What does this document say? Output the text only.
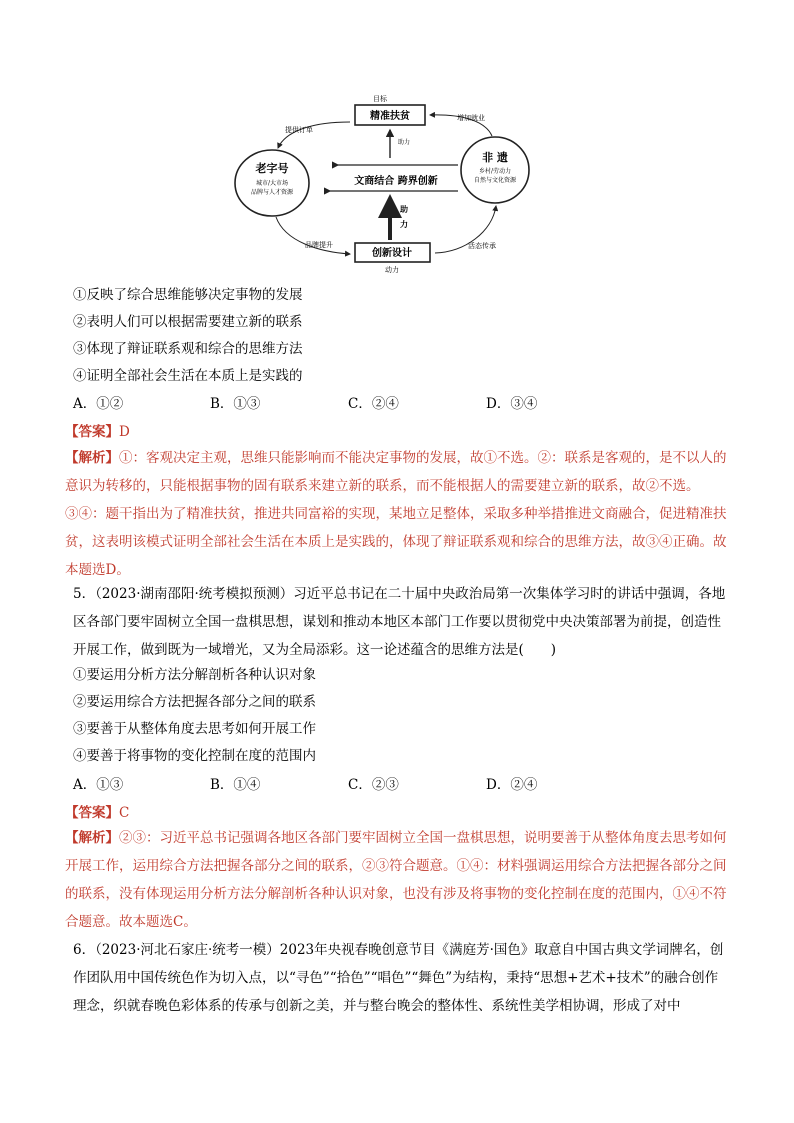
目标
精准扶贫
老字号
城市/大市场
品牌与人才资源
非 遗
乡村/劳动力
自然与文化资源
文商结合 跨界创新
助力
助
力
创新设计
动力
提供订单
增加就业
品牌提升	活态传承
①反映了综合思维能够决定事物的发展
②表明人们可以根据需要建立新的联系
③体现了辩证联系观和综合的思维方法
④证明全部社会生活在本质上是实践的
A．①②	B．①③	C．②④	D．③④
【答案】D
【解析】①：客观决定主观，思维只能影响而不能决定事物的发展，故①不选。②：联系是客观的，是不以人的意识为转移的，只能根据事物的固有联系来建立新的联系，而不能根据人的需要建立新的联系，故②不选。③④：题干指出为了精准扶贫，推进共同富裕的实现，某地立足整体，采取多种举措推进文商融合，促进精准扶贫，这表明该模式证明全部社会生活在本质上是实践的，体现了辩证联系观和综合的思维方法，故③④正确。故本题选D。
5．（2023·湖南邵阳·统考模拟预测）习近平总书记在二十届中央政治局第一次集体学习时的讲话中强调，各地区各部门要牢固树立全国一盘棋思想，谋划和推动本地区本部门工作要以贯彻党中央决策部署为前提，创造性开展工作，做到既为一域增光，又为全局添彩。这一论述蕴含的思维方法是(　　)
①要运用分析方法分解剖析各种认识对象
②要运用综合方法把握各部分之间的联系
③要善于从整体角度去思考如何开展工作
④要善于将事物的变化控制在度的范围内
A．①③	B．①④	C．②③	D．②④
【答案】C
【解析】②③：习近平总书记强调各地区各部门要牢固树立全国一盘棋思想，说明要善于从整体角度去思考如何开展工作，运用综合方法把握各部分之间的联系，②③符合题意。①④：材料强调运用综合方法把握各部分之间的联系，没有体现运用分析方法分解剖析各种认识对象，也没有涉及将事物的变化控制在度的范围内，①④不符合题意。故本题选C。
6．（2023·河北石家庄·统考一模）2023年央视春晚创意节目《满庭芳·国色》取意自中国古典文学词牌名，创作团队用中国传统色作为切入点，以“寻色”“拾色”“唱色”“舞色”为结构，秉持“思想+艺术+技术”的融合创作理念，织就春晚色彩体系的传承与创新之美，并与整台晚会的整体性、系统性美学相协调，形成了对中
